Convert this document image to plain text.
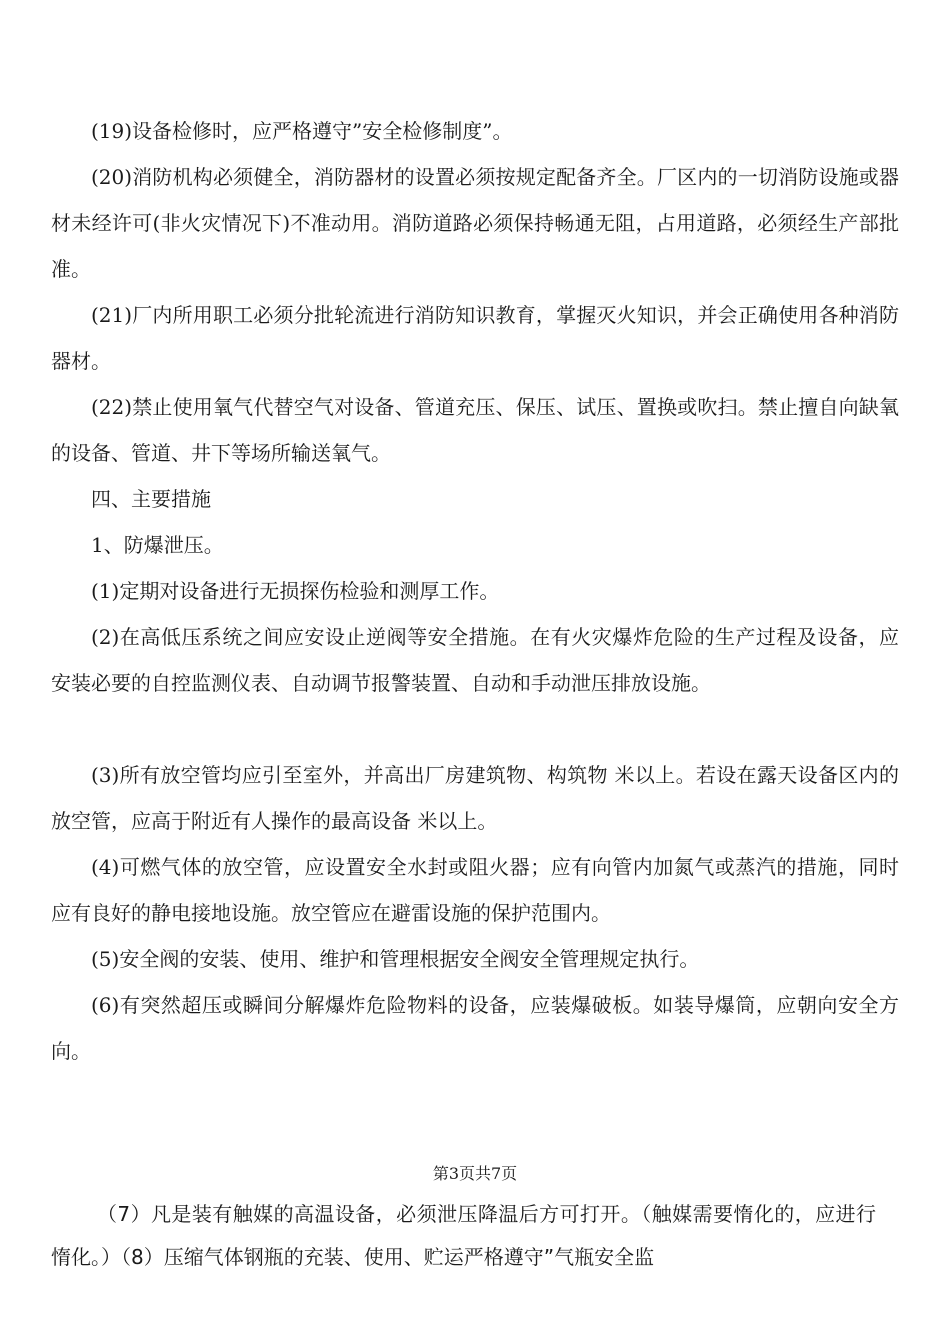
(19)设备检修时，应严格遵守”安全检修制度”。

(20)消防机构必须健全，消防器材的设置必须按规定配备齐全。厂区内的一切消防设施或器材未经许可(非火灾情况下)不准动用。消防道路必须保持畅通无阻，占用道路，必须经生产部批准。

(21)厂内所用职工必须分批轮流进行消防知识教育，掌握灭火知识，并会正确使用各种消防器材。

(22)禁止使用氧气代替空气对设备、管道充压、保压、试压、置换或吹扫。禁止擅自向缺氧的设备、管道、井下等场所输送氧气。

四、主要措施

1、防爆泄压。

(1)定期对设备进行无损探伤检验和测厚工作。

(2)在高低压系统之间应安设止逆阀等安全措施。在有火灾爆炸危险的生产过程及设备，应安装必要的自控监测仪表、自动调节报警装置、自动和手动泄压排放设施。

(3)所有放空管均应引至室外，并高出厂房建筑物、构筑物 米以上。若设在露天设备区内的放空管，应高于附近有人操作的最高设备 米以上。

(4)可燃气体的放空管，应设置安全水封或阻火器；应有向管内加氮气或蒸汽的措施，同时应有良好的静电接地设施。放空管应在避雷设施的保护范围内。

(5)安全阀的安装、使用、维护和管理根据安全阀安全管理规定执行。

(6)有突然超压或瞬间分解爆炸危险物料的设备，应装爆破板。如装导爆筒，应朝向安全方向。

第3页共7页

（7）凡是装有触媒的高温设备，必须泄压降温后方可打开。（触媒需要惰化的，应进行惰化。）（8）压缩气体钢瓶的充装、使用、贮运严格遵守”气瓶安全监
